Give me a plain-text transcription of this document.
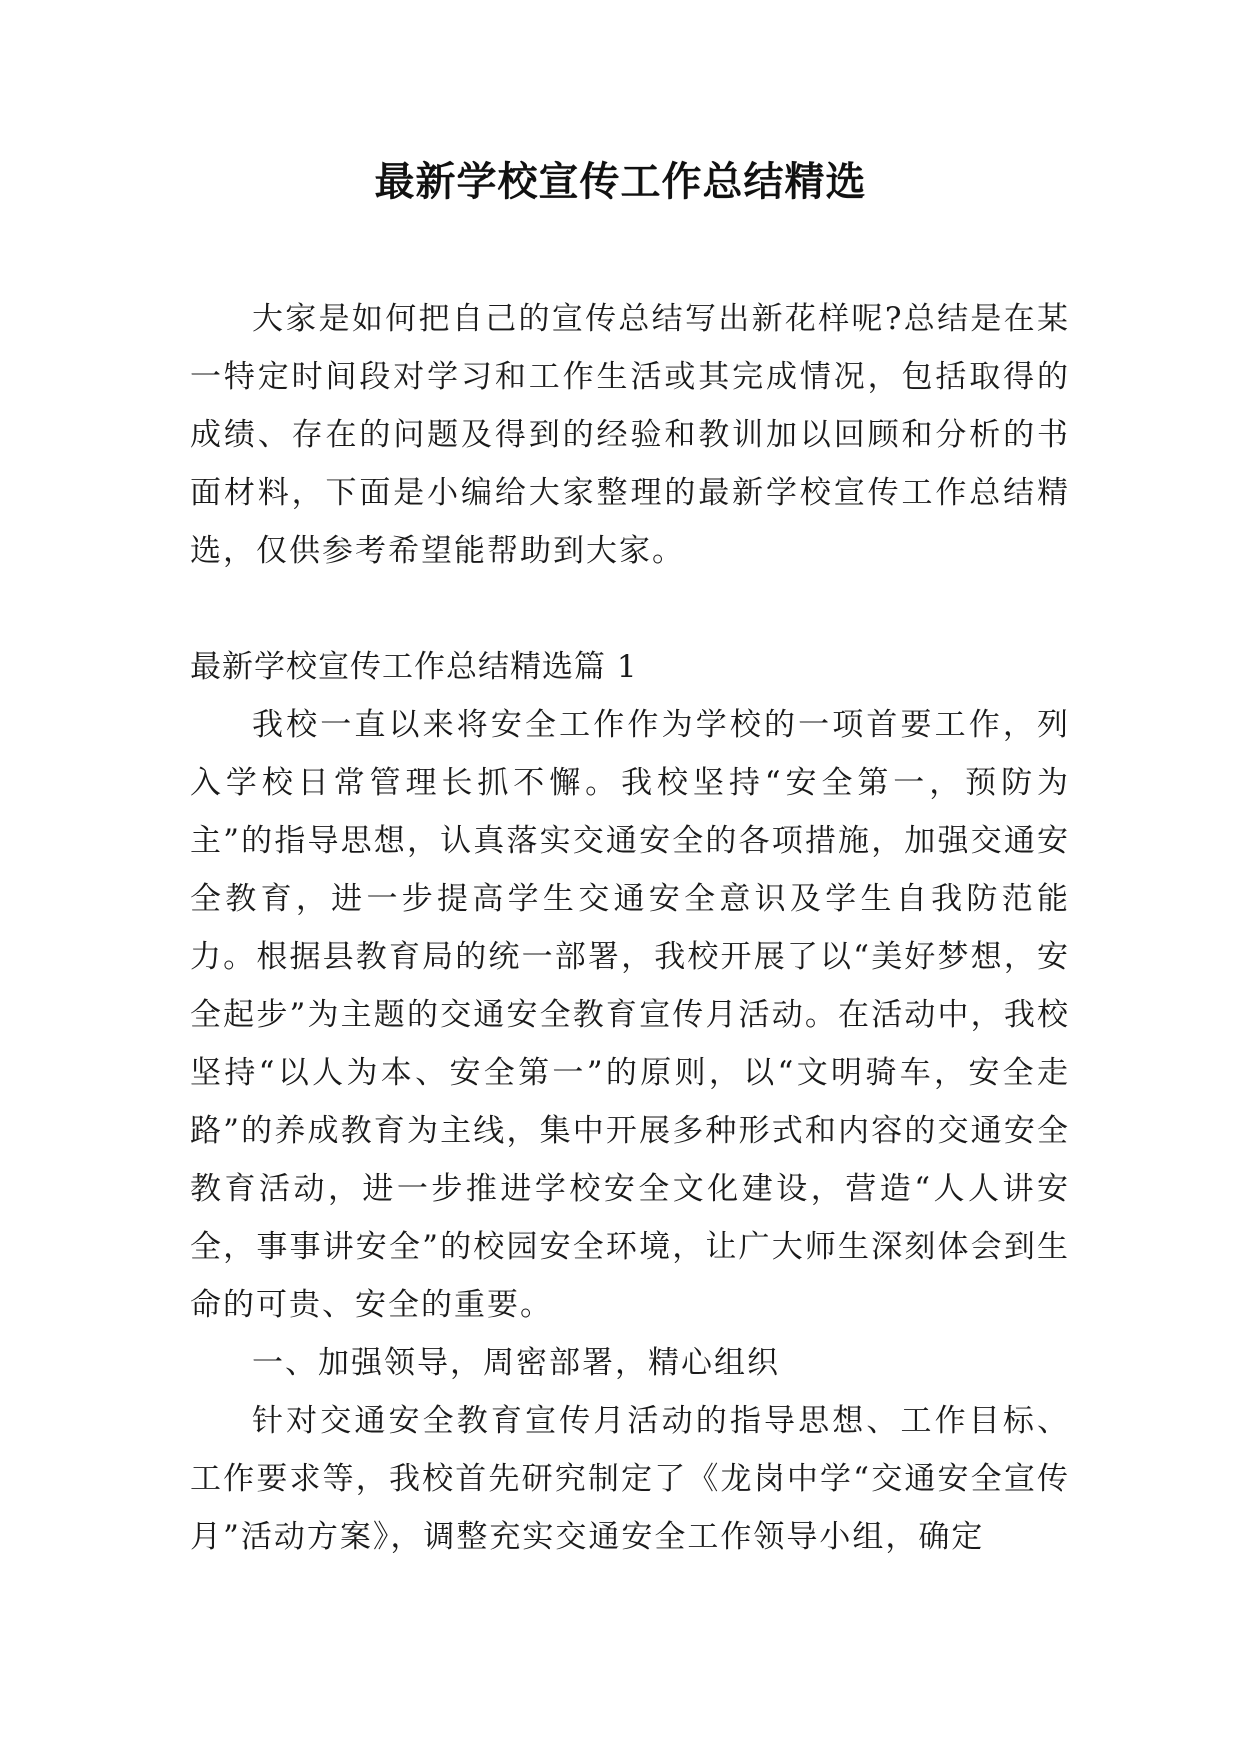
最新学校宣传工作总结精选

大家是如何把自己的宣传总结写出新花样呢?总结是在某一特定时间段对学习和工作生活或其完成情况，包括取得的成绩、存在的问题及得到的经验和教训加以回顾和分析的书面材料，下面是小编给大家整理的最新学校宣传工作总结精选，仅供参考希望能帮助到大家。

最新学校宣传工作总结精选篇 1

我校一直以来将安全工作作为学校的一项首要工作，列入学校日常管理长抓不懈。我校坚持“安全第一，预防为主”的指导思想，认真落实交通安全的各项措施，加强交通安全教育，进一步提高学生交通安全意识及学生自我防范能力。根据县教育局的统一部署，我校开展了以“美好梦想，安全起步”为主题的交通安全教育宣传月活动。在活动中，我校坚持“以人为本、安全第一”的原则，以“文明骑车，安全走路”的养成教育为主线，集中开展多种形式和内容的交通安全教育活动，进一步推进学校安全文化建设，营造“人人讲安全，事事讲安全”的校园安全环境，让广大师生深刻体会到生命的可贵、安全的重要。

一、加强领导，周密部署，精心组织

针对交通安全教育宣传月活动的指导思想、工作目标、工作要求等，我校首先研究制定了《龙岗中学“交通安全宣传月”活动方案》，调整充实交通安全工作领导小组，确定
